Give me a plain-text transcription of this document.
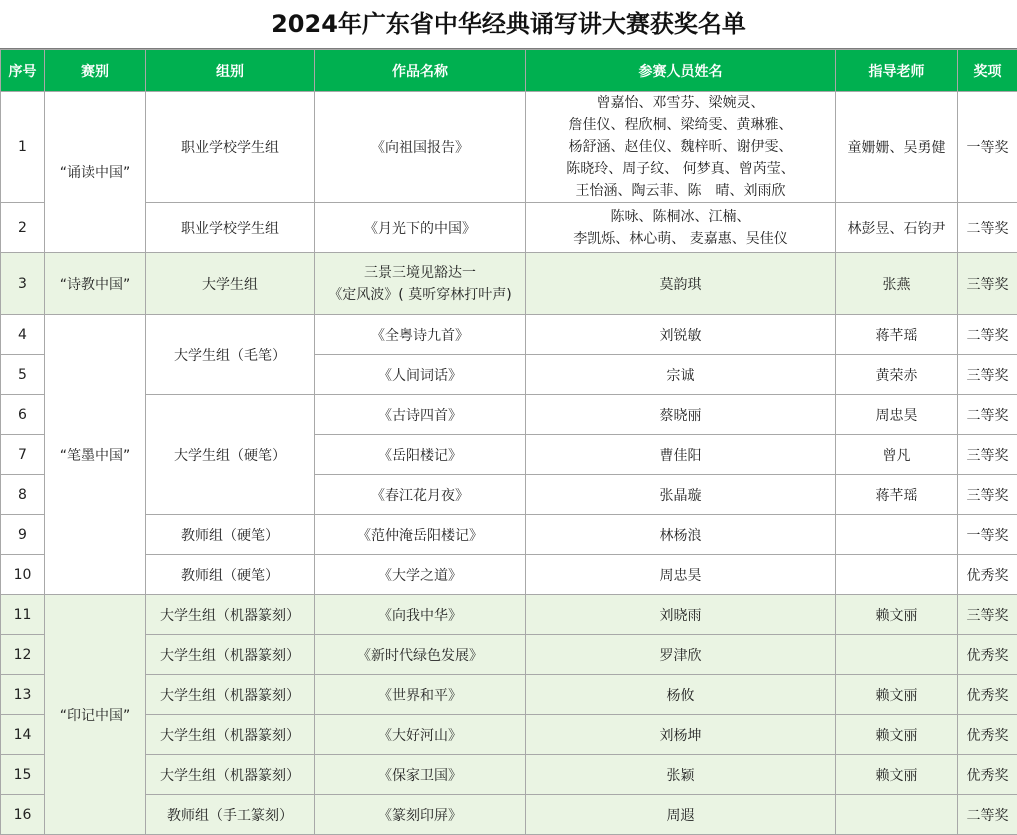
2024年广东省中华经典诵写讲大赛获奖名单
序号	赛别	组别	作品名称	参赛人员姓名	指导老师	奖项
1	“诵读中国”	职业学校学生组	《向祖国报告》	曾嘉怡、邓雪芬、梁婉灵、
詹佳仪、程欣桐、梁绮雯、黄琳雅、
杨舒涵、赵佳仪、魏梓昕、谢伊雯、
陈晓玲、周子纹、 何梦真、曾芮莹、
王怡涵、陶云菲、陈　晴、刘雨欣	童姗姗、吴勇健	一等奖
2		职业学校学生组	《月光下的中国》	陈咏、陈桐冰、江楠、
李凯烁、林心萌、 麦嘉惠、吴佳仪	林彭昱、石钧尹	二等奖
3	“诗教中国”	大学生组	三景三境见豁达一
《定风波》( 莫听穿林打叶声)	莫韵琪	张燕	三等奖
4	“笔墨中国”	大学生组（毛笔）	《全粤诗九首》	刘锐敏	蒋芊瑶	二等奖
5			《人间词话》	宗诚	黄荣赤	三等奖
6		大学生组（硬笔）	《古诗四首》	蔡晓丽	周忠昊	二等奖
7			《岳阳楼记》	曹佳阳	曾凡	三等奖
8			《春江花月夜》	张晶璇	蒋芊瑶	三等奖
9		教师组（硬笔）	《范仲淹岳阳楼记》	林杨浪		一等奖
10		教师组（硬笔）	《大学之道》	周忠昊		优秀奖
11	“印记中国”	大学生组（机器篆刻）	《向我中华》	刘晓雨	赖文丽	三等奖
12		大学生组（机器篆刻）	《新时代绿色发展》	罗津欣		优秀奖
13		大学生组（机器篆刻）	《世界和平》	杨攸	赖文丽	优秀奖
14		大学生组（机器篆刻）	《大好河山》	刘杨坤	赖文丽	优秀奖
15		大学生组（机器篆刻）	《保家卫国》	张颖	赖文丽	优秀奖
16		教师组（手工篆刻）	《篆刻印屏》	周遐		二等奖
